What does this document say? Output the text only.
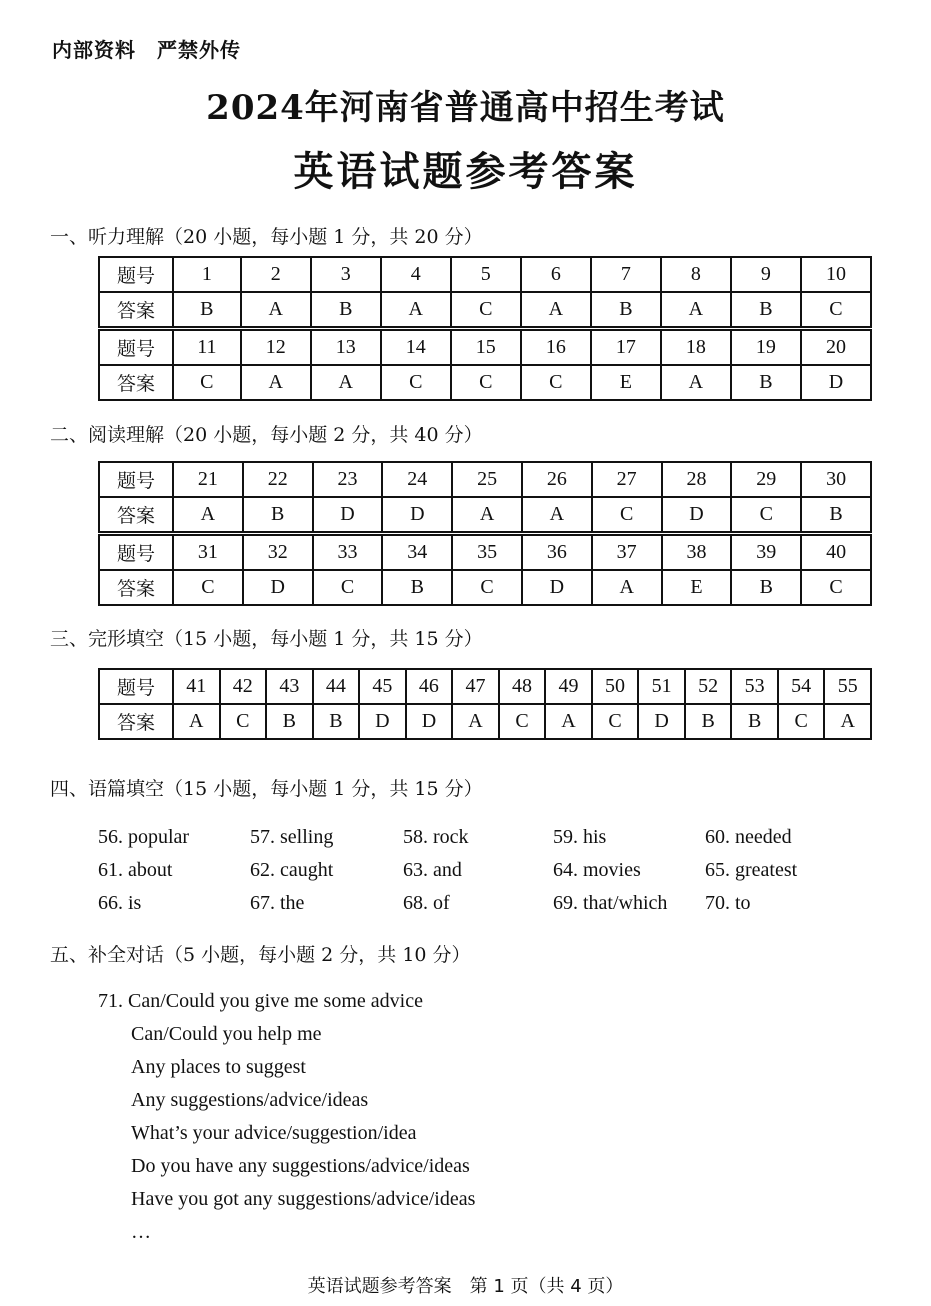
内部资料　严禁外传
2024年河南省普通高中招生考试
英语试题参考答案
一、听力理解（20 小题，每小题 1 分，共 20 分）
题号	1	2	3	4	5	6	7	8	9	10
答案	B	A	B	A	C	A	B	A	B	C
题号	11	12	13	14	15	16	17	18	19	20
答案	C	A	A	C	C	C	E	A	B	D
二、阅读理解（20 小题，每小题 2 分，共 40 分）
题号	21	22	23	24	25	26	27	28	29	30
答案	A	B	D	D	A	A	C	D	C	B
题号	31	32	33	34	35	36	37	38	39	40
答案	C	D	C	B	C	D	A	E	B	C
三、完形填空（15 小题，每小题 1 分，共 15 分）
题号	41	42	43	44	45	46	47	48	49	50	51	52	53	54	55
答案	A	C	B	B	D	D	A	C	A	C	D	B	B	C	A
四、语篇填空（15 小题，每小题 1 分，共 15 分）
56. popular	57. selling	58. rock	59. his	60. needed
61. about	62. caught	63. and	64. movies	65. greatest
66. is	67. the	68. of	69. that/which 70. to
五、补全对话（5 小题，每小题 2 分，共 10 分）
71. Can/Could you give me some advice
Can/Could you help me
Any places to suggest
Any suggestions/advice/ideas
What’s your advice/suggestion/idea
Do you have any suggestions/advice/ideas
Have you got any suggestions/advice/ideas
…
英语试题参考答案　第 1 页（共 4 页）
